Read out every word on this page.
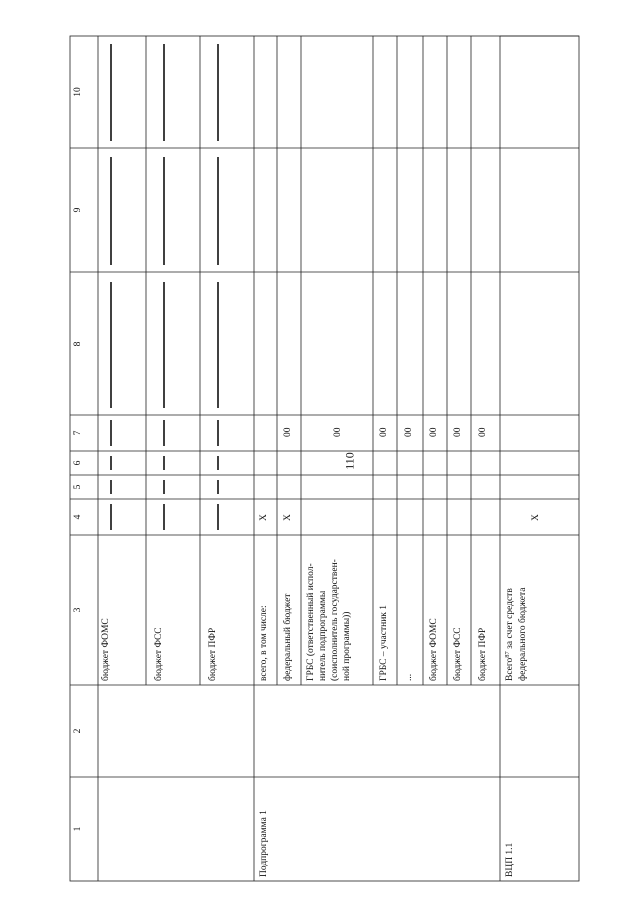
110
1
2
3
4
5
6
7
8
9
10
бюджет ФОМС	бюджет ФСС	бюджет ПФР
Подпрограмма 1
всего, в том числе:
Х
федеральный бюджет
Х
00
ГРБС (ответственный испол- нитель подпрограммы (соисполнитель государствен- ной программы))
00
ГРБС – участник 1
00
...
00
бюджет ФОМС
00
бюджет ФСС
00
бюджет ПФР
00
ВЦП 1.1
Всего$^{87}$ за счет средств федерального бюджета
Х
